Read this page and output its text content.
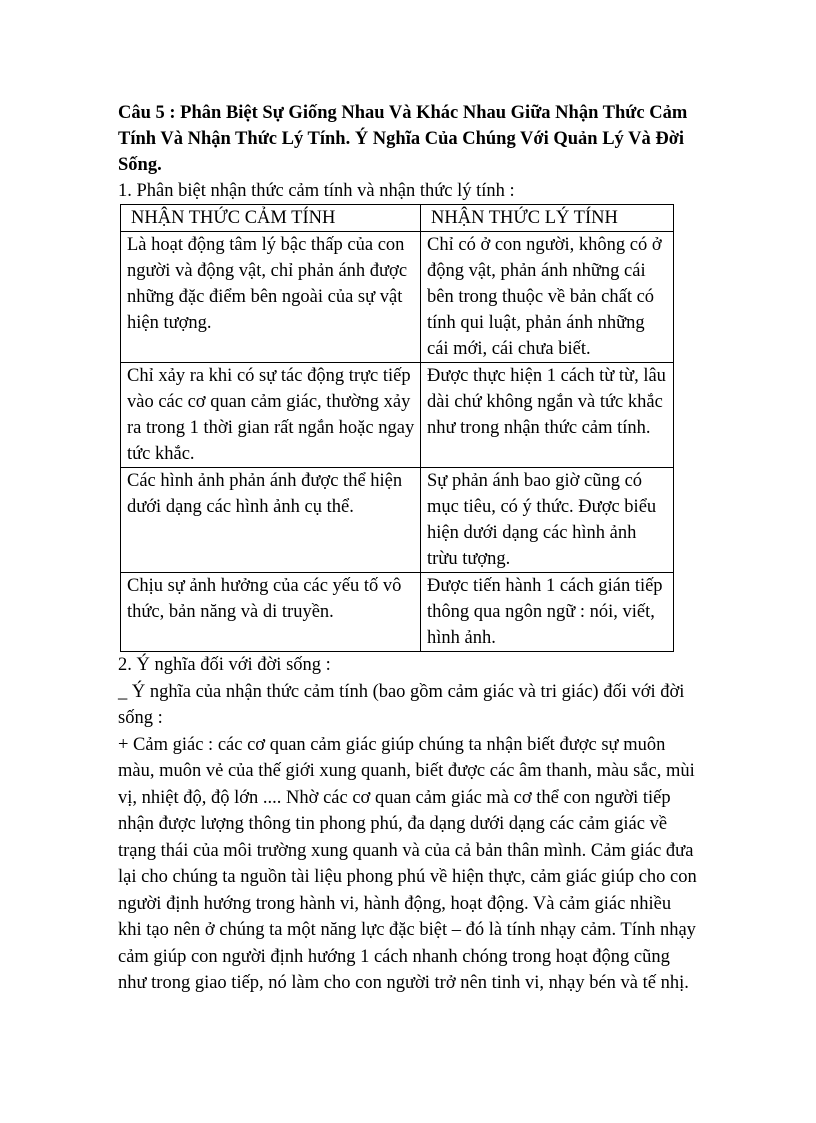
Câu 5 : Phân Biệt Sự Giống Nhau Và Khác Nhau Giữa Nhận Thức Cảm Tính Và Nhận Thức Lý Tính. Ý Nghĩa Của Chúng Với Quản Lý Và Đời Sống.

1. Phân biệt nhận thức cảm tính và nhận thức lý tính :

NHẬN THỨC CẢM TÍNH	NHẬN THỨC LÝ TÍNH
Là hoạt động tâm lý bậc thấp của con người và động vật, chỉ phản ánh được những đặc điểm bên ngoài của sự vật hiện tượng.	Chỉ có ở con người, không có ở động vật, phản ánh những cái bên trong thuộc về bản chất có tính qui luật, phản ánh những cái mới, cái chưa biết.
Chỉ xảy ra khi có sự tác động trực tiếp vào các cơ quan cảm giác, thường xảy ra trong 1 thời gian rất ngắn hoặc ngay tức khắc.	Được thực hiện 1 cách từ từ, lâu dài chứ không ngắn và tức khắc như trong nhận thức cảm tính.
Các hình ảnh phản ánh được thể hiện dưới dạng các hình ảnh cụ thể.	Sự phản ánh bao giờ cũng có mục tiêu, có ý thức. Được biểu hiện dưới dạng các hình ảnh trừu tượng.
Chịu sự ảnh hưởng của các yếu tố vô thức, bản năng và di truyền.	Được tiến hành 1 cách gián tiếp thông qua ngôn ngữ : nói, viết, hình ảnh.

2. Ý nghĩa đối với đời sống :

_ Ý nghĩa của nhận thức cảm tính (bao gồm cảm giác và tri giác) đối với đời sống :

+ Cảm giác : các cơ quan cảm giác giúp chúng ta nhận biết được sự muôn màu, muôn vẻ của thế giới xung quanh, biết được các âm thanh, màu sắc, mùi vị, nhiệt độ, độ lớn .... Nhờ các cơ quan cảm giác mà cơ thể con người tiếp nhận được lượng thông tin phong phú, đa dạng dưới dạng các cảm giác về trạng thái của môi trường xung quanh và của cả bản thân mình. Cảm giác đưa lại cho chúng ta nguồn tài liệu phong phú về hiện thực, cảm giác giúp cho con người định hướng trong hành vi, hành động, hoạt động. Và cảm giác nhiều khi tạo nên ở chúng ta một năng lực đặc biệt – đó là tính nhạy cảm. Tính nhạy cảm giúp con người định hướng 1 cách nhanh chóng trong hoạt động cũng như trong giao tiếp, nó làm cho con người trở nên tinh vi, nhạy bén và tế nhị.
